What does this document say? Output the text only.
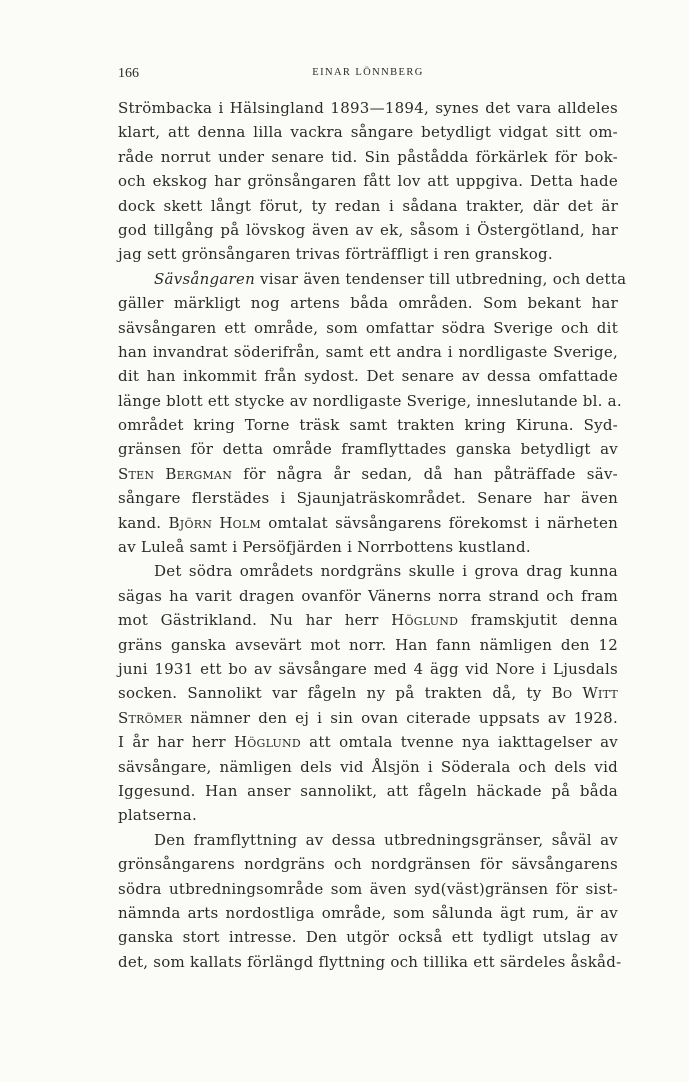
166	EINAR LÖNNBERG
Strömbacka i Hälsingland 1893—1894, synes det vara alldeles
klart, att denna lilla vackra sångare betydligt vidgat sitt om-
råde norrut under senare tid. Sin påstådda förkärlek för bok-
och ekskog har grönsångaren fått lov att uppgiva. Detta hade
dock skett långt förut, ty redan i sådana trakter, där det är
god tillgång på lövskog även av ek, såsom i Östergötland, har
jag sett grönsångaren trivas förträffligt i ren granskog.
Sävsångaren visar även tendenser till utbredning, och detta
gäller märkligt nog artens båda områden. Som bekant har
sävsångaren ett område, som omfattar södra Sverige och dit
han invandrat söderifrån, samt ett andra i nordligaste Sverige,
dit han inkommit från sydost. Det senare av dessa omfattade
länge blott ett stycke av nordligaste Sverige, inneslutande bl. a.
området kring Torne träsk samt trakten kring Kiruna. Syd-
gränsen för detta område framflyttades ganska betydligt av
Sten Bergman för några år sedan, då han påträffade säv-
sångare flerstädes i Sjaunjaträskområdet. Senare har även
kand. Björn Holm omtalat sävsångarens förekomst i närheten
av Luleå samt i Persöfjärden i Norrbottens kustland.
Det södra områdets nordgräns skulle i grova drag kunna
sägas ha varit dragen ovanför Vänerns norra strand och fram
mot Gästrikland. Nu har herr Höglund framskjutit denna
gräns ganska avsevärt mot norr. Han fann nämligen den 12
juni 1931 ett bo av sävsångare med 4 ägg vid Nore i Ljusdals
socken. Sannolikt var fågeln ny på trakten då, ty Bo Witt
Strömer nämner den ej i sin ovan citerade uppsats av 1928.
I år har herr Höglund att omtala tvenne nya iakttagelser av
sävsångare, nämligen dels vid Ålsjön i Söderala och dels vid
Iggesund. Han anser sannolikt, att fågeln häckade på båda
platserna.
Den framflyttning av dessa utbredningsgränser, såväl av
grönsångarens nordgräns och nordgränsen för sävsångarens
södra utbredningsområde som även syd(väst)gränsen för sist-
nämnda arts nordostliga område, som sålunda ägt rum, är av
ganska stort intresse. Den utgör också ett tydligt utslag av
det, som kallats förlängd flyttning och tillika ett särdeles åskåd-
